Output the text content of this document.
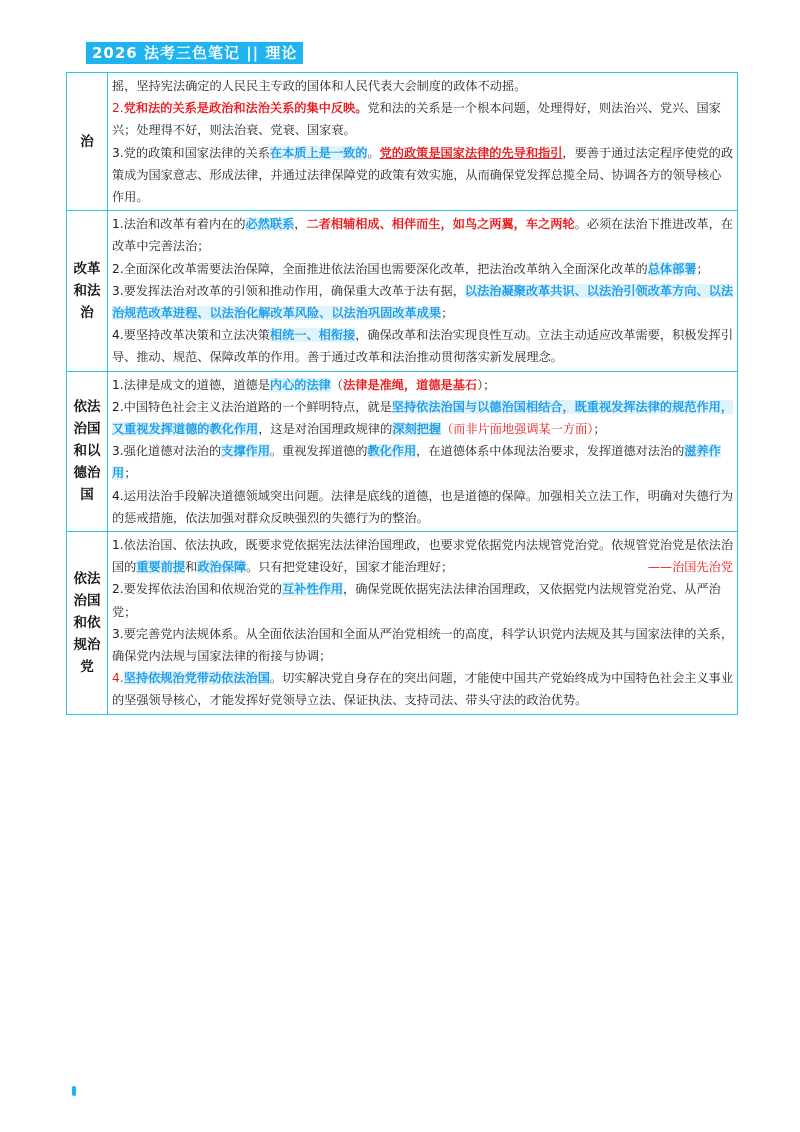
2026 法考三色笔记 || 理论
治	摇，坚持宪法确定的人民民主专政的国体和人民代表大会制度的政体不动摇。
2.党和法的关系是政治和法治关系的集中反映。党和法的关系是一个根本问题，处理得好，则法治兴、党兴、国家兴；处理得不好，则法治衰、党衰、国家衰。
3.党的政策和国家法律的关系在本质上是一致的。党的政策是国家法律的先导和指引，要善于通过法定程序使党的政策成为国家意志、形成法律，并通过法律保障党的政策有效实施，从而确保党发挥总揽全局、协调各方的领导核心作用。

改革和法治	1.法治和改革有着内在的必然联系，二者相辅相成、相伴而生，如鸟之两翼，车之两轮。必须在法治下推进改革，在改革中完善法治；
2.全面深化改革需要法治保障，全面推进依法治国也需要深化改革，把法治改革纳入全面深化改革的总体部署；
3.要发挥法治对改革的引领和推动作用，确保重大改革于法有据，以法治凝聚改革共识、以法治引领改革方向、以法治规范改革进程、以法治化解改革风险、以法治巩固改革成果；
4.要坚持改革决策和立法决策相统一、相衔接，确保改革和法治实现良性互动。立法主动适应改革需要，积极发挥引导、推动、规范、保障改革的作用。善于通过改革和法治推动贯彻落实新发展理念。

依法治国和以德治国	1.法律是成文的道德，道德是内心的法律（法律是准绳，道德是基石）；
2.中国特色社会主义法治道路的一个鲜明特点，就是坚持依法治国与以德治国相结合，既重视发挥法律的规范作用，又重视发挥道德的教化作用，这是对治国理政规律的深刻把握（而非片面地强调某一方面）；
3.强化道德对法治的支撑作用。重视发挥道德的教化作用，在道德体系中体现法治要求，发挥道德对法治的滋养作用；
4.运用法治手段解决道德领域突出问题。法律是底线的道德，也是道德的保障。加强相关立法工作，明确对失德行为的惩戒措施，依法加强对群众反映强烈的失德行为的整治。

依法治国和依规治党	1.依法治国、依法执政，既要求党依据宪法法律治国理政，也要求党依据党内法规管党治党。依规管党治党是依法治国的重要前提和政治保障。只有把党建设好，国家才能治理好； ——治国先治党
2.要发挥依法治国和依规治党的互补性作用，确保党既依据宪法法律治国理政，又依据党内法规管党治党、从严治党；
3.要完善党内法规体系。从全面依法治国和全面从严治党相统一的高度，科学认识党内法规及其与国家法律的关系，确保党内法规与国家法律的衔接与协调；
4.坚持依规治党带动依法治国。切实解决党自身存在的突出问题，才能使中国共产党始终成为中国特色社会主义事业的坚强领导核心，才能发挥好党领导立法、保证执法、支持司法、带头守法的政治优势。
